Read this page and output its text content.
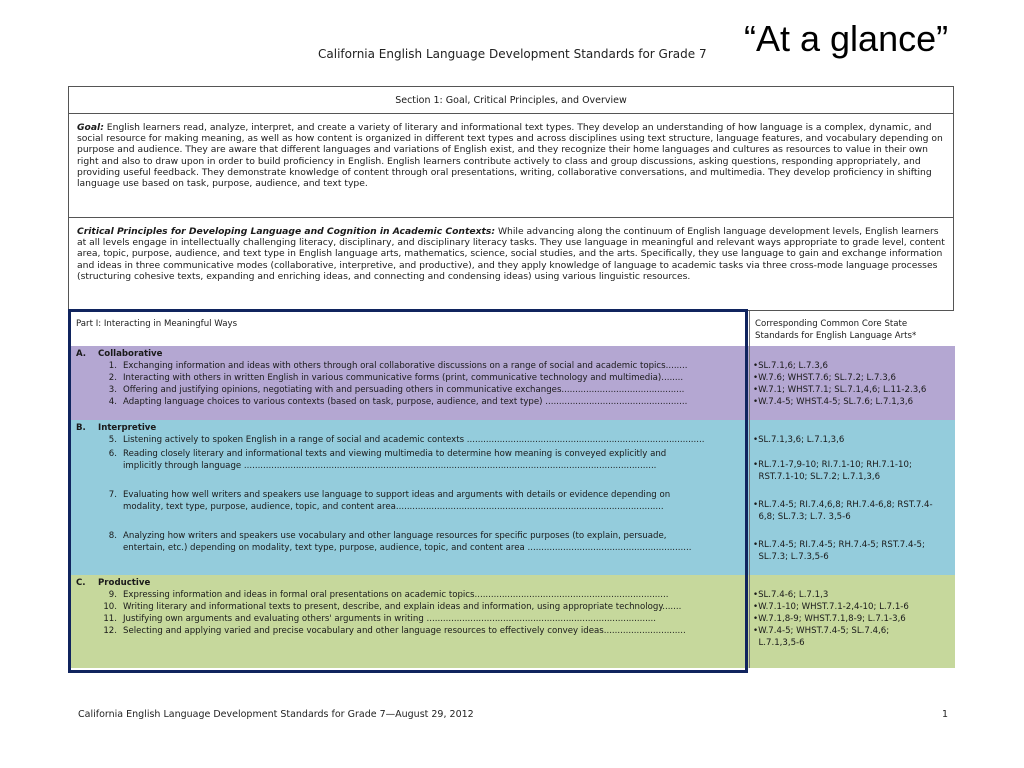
“At a glance”
California English Language Development Standards for Grade 7
Section 1: Goal, Critical Principles, and Overview
Goal: English learners read, analyze, interpret, and create a variety of literary and informational text types. They develop an understanding of how language is a complex, dynamic, and social resource for making meaning, as well as how content is organized in different text types and across disciplines using text structure, language features, and vocabulary depending on purpose and audience. They are aware that different languages and variations of English exist, and they recognize their home languages and cultures as resources to value in their own right and also to draw upon in order to build proficiency in English. English learners contribute actively to class and group discussions, asking questions, responding appropriately, and providing useful feedback. They demonstrate knowledge of content through oral presentations, writing, collaborative conversations, and multimedia. They develop proficiency in shifting language use based on task, purpose, audience, and text type.
Critical Principles for Developing Language and Cognition in Academic Contexts: While advancing along the continuum of English language development levels, English learners at all levels engage in intellectually challenging literacy, disciplinary, and disciplinary literacy tasks. They use language in meaningful and relevant ways appropriate to grade level, content area, topic, purpose, audience, and text type in English language arts, mathematics, science, social studies, and the arts. Specifically, they use language to gain and exchange information and ideas in three communicative modes (collaborative, interpretive, and productive), and they apply knowledge of language to academic tasks via three cross-mode language processes (structuring cohesive texts, expanding and enriching ideas, and connecting and condensing ideas) using various linguistic resources.
Part I: Interacting in Meaningful Ways	Corresponding Common Core State
Standards for English Language Arts*
A. Collaborative
1. Exchanging information and ideas with others through oral collaborative discussions on a range of social and academic topics........
2. Interacting with others in written English in various communicative forms (print, communicative technology and multimedia)........
3. Offering and justifying opinions, negotiating with and persuading others in communicative exchanges.............................................
4. Adapting language choices to various contexts (based on task, purpose, audience, and text type) ....................................................
•SL.7.1,6; L.7.3,6
•W.7.6; WHST.7.6; SL.7.2; L.7.3,6
•W.7.1; WHST.7.1; SL.7.1,4,6; L.11-2.3,6
•W.7.4-5; WHST.4-5; SL.7.6; L.7.1,3,6
B. Interpretive
5. Listening actively to spoken English in a range of social and academic contexts .......................................................................................
6. Reading closely literary and informational texts and viewing multimedia to determine how meaning is conveyed explicitly and
implicitly through language .......................................................................................................................................................
7. Evaluating how well writers and speakers use language to support ideas and arguments with details or evidence depending on
modality, text type, purpose, audience, topic, and content area..................................................................................................
8. Analyzing how writers and speakers use vocabulary and other language resources for specific purposes (to explain, persuade,
entertain, etc.) depending on modality, text type, purpose, audience, topic, and content area ............................................................
•SL.7.1,3,6; L.7.1,3,6
•RL.7.1-7,9-10; RI.7.1-10; RH.7.1-10;
RST.7.1-10; SL.7.2; L.7.1,3,6
•RL.7.4-5; RI.7.4,6,8; RH.7.4-6,8; RST.7.4-
6,8; SL.7.3; L.7. 3,5-6
•RL.7.4-5; RI.7.4-5; RH.7.4-5; RST.7.4-5;
SL.7.3; L.7.3,5-6
C. Productive
9. Expressing information and ideas in formal oral presentations on academic topics.......................................................................
10. Writing literary and informational texts to present, describe, and explain ideas and information, using appropriate technology.......
11. Justifying own arguments and evaluating others' arguments in writing ....................................................................................
12. Selecting and applying varied and precise vocabulary and other language resources to effectively convey ideas..............................
•SL.7.4-6; L.7.1,3
•W.7.1-10; WHST.7.1-2,4-10; L.7.1-6
•W.7.1,8-9; WHST.7.1,8-9; L.7.1-3,6
•W.7.4-5; WHST.7.4-5; SL.7.4,6;
L.7.1,3,5-6
California English Language Development Standards for Grade 7—August 29, 2012	1
